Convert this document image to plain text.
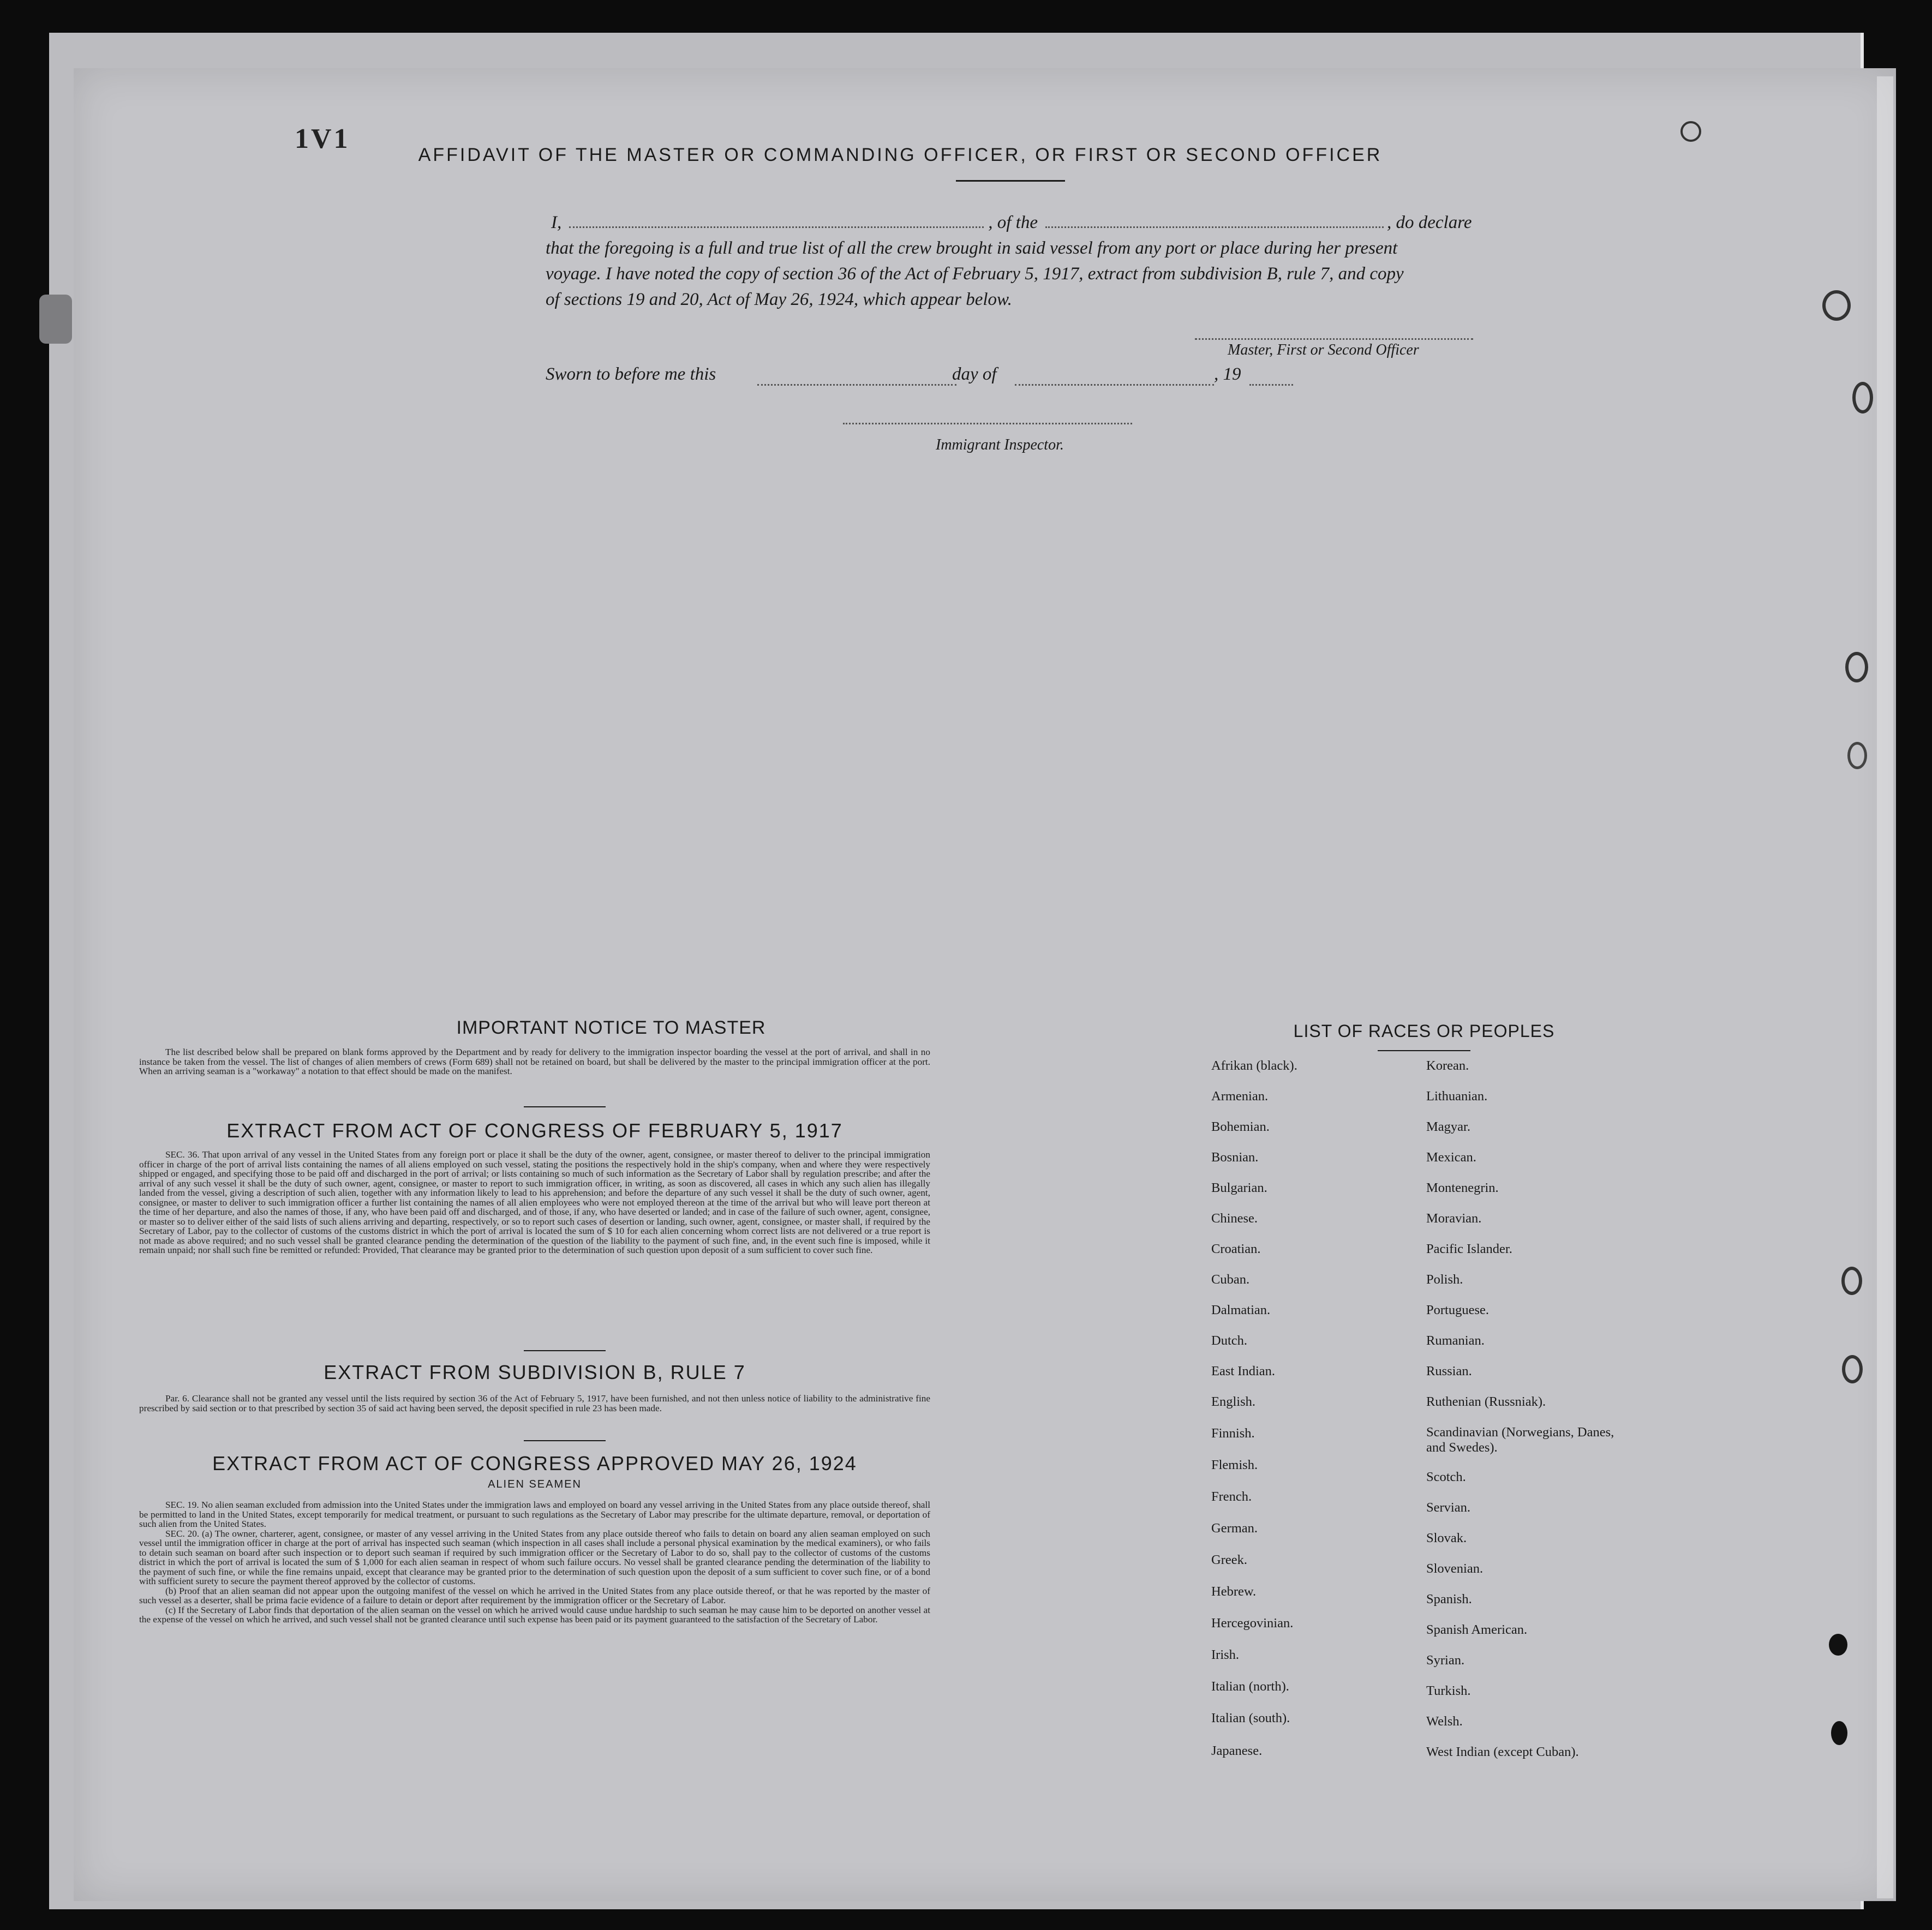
1V1
AFFIDAVIT OF THE MASTER OR COMMANDING OFFICER, OR FIRST OR SECOND OFFICER
I,	, of the	, do declare
that the foregoing is a full and true list of all the crew brought in said vessel from any port or place during her present
voyage. I have noted the copy of section 36 of the Act of February 5, 1917, extract from subdivision B, rule 7, and copy
of sections 19 and 20, Act of May 26, 1924, which appear below.
Master, First or Second Officer
Sworn to before me this	day of	, 19
Immigrant Inspector.
IMPORTANT NOTICE TO MASTER
The list described below shall be prepared on blank forms approved by the Department and by ready for delivery to the immigration inspector boarding the vessel at the port of arrival, and shall in no instance be taken from the vessel. The list of changes of alien members of crews (Form 689) shall not be retained on board, but shall be delivered by the master to the principal immigration officer at the port. When an arriving seaman is a "workaway" a notation to that effect should be made on the manifest.
EXTRACT FROM ACT OF CONGRESS OF FEBRUARY 5, 1917
SEC. 36. That upon arrival of any vessel in the United States from any foreign port or place it shall be the duty of the owner, agent, consignee, or master thereof to deliver to the principal immigration officer in charge of the port of arrival lists containing the names of all aliens employed on such vessel, stating the positions the respectively hold in the ship's company, when and where they were respectively shipped or engaged, and specifying those to be paid off and discharged in the port of arrival; or lists containing so much of such information as the Secretary of Labor shall by regulation prescribe; and after the arrival of any such vessel it shall be the duty of such owner, agent, consignee, or master to report to such immigration officer, in writing, as soon as discovered, all cases in which any such alien has illegally landed from the vessel, giving a description of such alien, together with any information likely to lead to his apprehension; and before the departure of any such vessel it shall be the duty of such owner, agent, consignee, or master to deliver to such immigration officer a further list containing the names of all alien employees who were not employed thereon at the time of the arrival but who will leave port thereon at the time of her departure, and also the names of those, if any, who have been paid off and discharged, and of those, if any, who have deserted or landed; and in case of the failure of such owner, agent, consignee, or master so to deliver either of the said lists of such aliens arriving and departing, respectively, or so to report such cases of desertion or landing, such owner, agent, consignee, or master shall, if required by the Secretary of Labor, pay to the collector of customs of the customs district in which the port of arrival is located the sum of $ 10 for each alien concerning whom correct lists are not delivered or a true report is not made as above required; and no such vessel shall be granted clearance pending the determination of the question of the liability to the payment of such fine, and, in the event such fine is imposed, while it remain unpaid; nor shall such fine be remitted or refunded: Provided, That clearance may be granted prior to the determination of such question upon deposit of a sum sufficient to cover such fine.
EXTRACT FROM SUBDIVISION B, RULE 7
Par. 6. Clearance shall not be granted any vessel until the lists required by section 36 of the Act of February 5, 1917, have been furnished, and not then unless notice of liability to the administrative fine prescribed by said section or to that prescribed by section 35 of said act having been served, the deposit specified in rule 23 has been made.
EXTRACT FROM ACT OF CONGRESS APPROVED MAY 26, 1924
ALIEN SEAMEN
SEC. 19. No alien seaman excluded from admission into the United States under the immigration laws and employed on board any vessel arriving in the United States from any place outside thereof, shall be permitted to land in the United States, except temporarily for medical treatment, or pursuant to such regulations as the Secretary of Labor may prescribe for the ultimate departure, removal, or deportation of such alien from the United States.
SEC. 20. (a) The owner, charterer, agent, consignee, or master of any vessel arriving in the United States from any place outside thereof who fails to detain on board any alien seaman employed on such vessel until the immigration officer in charge at the port of arrival has inspected such seaman (which inspection in all cases shall include a personal physical examination by the medical examiners), or who fails to detain such seaman on board after such inspection or to deport such seaman if required by such immigration officer or the Secretary of Labor to do so, shall pay to the collector of customs of the customs district in which the port of arrival is located the sum of $ 1,000 for each alien seaman in respect of whom such failure occurs. No vessel shall be granted clearance pending the determination of the liability to the payment of such fine, or while the fine remains unpaid, except that clearance may be granted prior to the determination of such question upon the deposit of a sum sufficient to cover such fine, or of a bond with sufficient surety to secure the payment thereof approved by the collector of customs.
(b) Proof that an alien seaman did not appear upon the outgoing manifest of the vessel on which he arrived in the United States from any place outside thereof, or that he was reported by the master of such vessel as a deserter, shall be prima facie evidence of a failure to detain or deport after requirement by the immigration officer or the Secretary of Labor.
(c) If the Secretary of Labor finds that deportation of the alien seaman on the vessel on which he arrived would cause undue hardship to such seaman he may cause him to be deported on another vessel at the expense of the vessel on which he arrived, and such vessel shall not be granted clearance until such expense has been paid or its payment guaranteed to the satisfaction of the Secretary of Labor.
LIST OF RACES OR PEOPLES
Afrikan (black).
Armenian.
Bohemian.
Bosnian.
Bulgarian.
Chinese.
Croatian.
Cuban.
Dalmatian.
Dutch.
East Indian.
English.
Finnish.
Flemish.
French.
German.
Greek.
Hebrew.
Hercegovinian.
Irish.
Italian (north).
Italian (south).
Japanese.
Korean.
Lithuanian.
Magyar.
Mexican.
Montenegrin.
Moravian.
Pacific Islander.
Polish.
Portuguese.
Rumanian.
Russian.
Ruthenian (Russniak).
Scandinavian (Norwegians, Danes, and Swedes).
Scotch.
Servian.
Slovak.
Slovenian.
Spanish.
Spanish American.
Syrian.
Turkish.
Welsh.
West Indian (except Cuban).
